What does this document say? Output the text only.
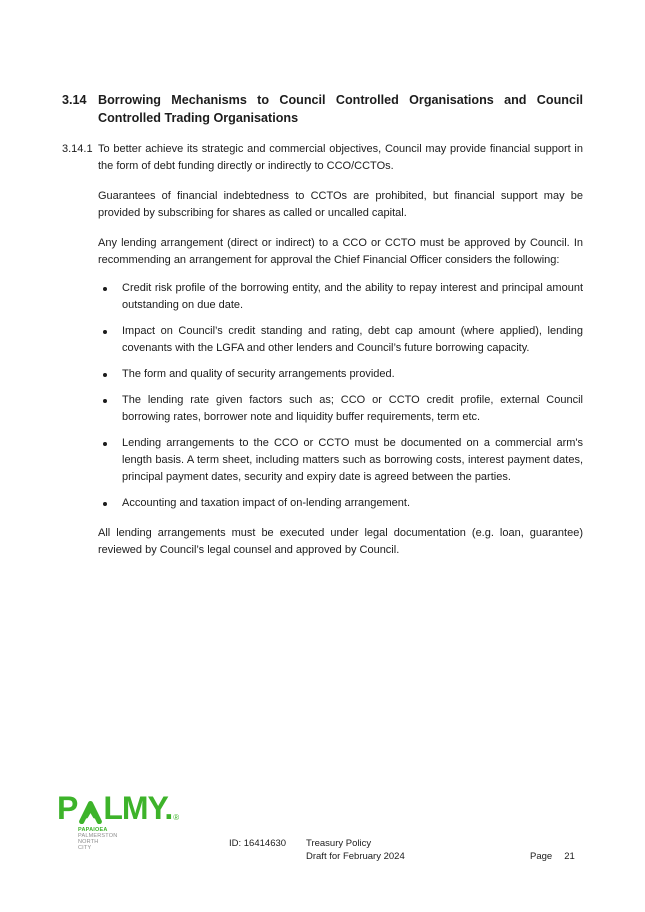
3.14 Borrowing Mechanisms to Council Controlled Organisations and Council Controlled Trading Organisations
3.14.1 To better achieve its strategic and commercial objectives, Council may provide financial support in the form of debt funding directly or indirectly to CCO/CCTOs.

Guarantees of financial indebtedness to CCTOs are prohibited, but financial support may be provided by subscribing for shares as called or uncalled capital.

Any lending arrangement (direct or indirect) to a CCO or CCTO must be approved by Council. In recommending an arrangement for approval the Chief Financial Officer considers the following:

Credit risk profile of the borrowing entity, and the ability to repay interest and principal amount outstanding on due date.
Impact on Council’s credit standing and rating, debt cap amount (where applied), lending covenants with the LGFA and other lenders and Council’s future borrowing capacity.
The form and quality of security arrangements provided.
The lending rate given factors such as; CCO or CCTO credit profile, external Council borrowing rates, borrower note and liquidity buffer requirements, term etc.
Lending arrangements to the CCO or CCTO must be documented on a commercial arm's length basis. A term sheet, including matters such as borrowing costs, interest payment dates, principal payment dates, security and expiry date is agreed between the parties.
Accounting and taxation impact of on-lending arrangement.

All lending arrangements must be executed under legal documentation (e.g. loan, guarantee) reviewed by Council’s legal counsel and approved by Council.

P LMY. ®
PAPAIOEA
PALMERSTON
NORTH
CITY	ID: 16414630 Treasury Policy
Draft for February 2024	Page 21
